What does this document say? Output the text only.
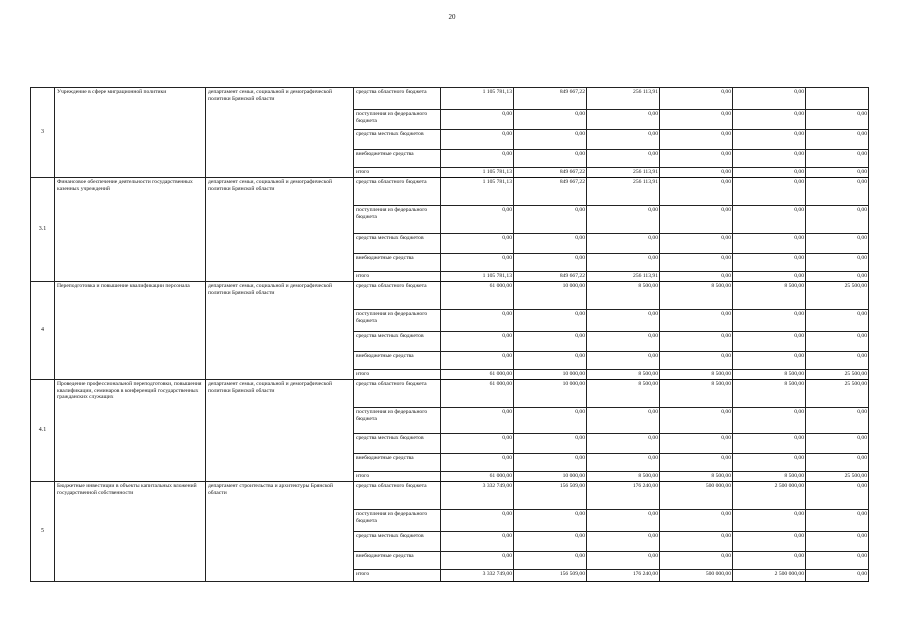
20
3	Учреждение в сфере миграционной политики	департамент семьи, социальной и демографической политики Брянской области	средства областного бюджета	1 105 781,13	849 667,22	256 113,91	0,00	0,00	
			поступления из федерального бюджета	0,00	0,00	0,00	0,00	0,00	0,00
			средства местных бюджетов	0,00	0,00	0,00	0,00	0,00	0,00
			внебюджетные средства	0,00	0,00	0,00	0,00	0,00	0,00
			итого	1 105 781,13	849 667,22	256 113,91	0,00	0,00	0,00
3.1	Финансовое обеспечение деятельности государственных казенных учреждений	департамент семьи, социальной и демографической политики Брянской области	средства областного бюджета	1 105 781,13	849 667,22	256 113,91	0,00	0,00	0,00
			поступления из федерального бюджета	0,00	0,00	0,00	0,00	0,00	0,00
			средства местных бюджетов	0,00	0,00	0,00	0,00	0,00	0,00
			внебюджетные средства	0,00	0,00	0,00	0,00	0,00	0,00
			итого	1 105 781,13	849 667,22	256 113,91	0,00	0,00	0,00
4	Переподготовка и повышение квалификации персонала	департамент семьи, социальной и демографической политики Брянской области	средства областного бюджета	61 000,00	10 000,00	8 500,00	8 500,00	8 500,00	25 500,00
			поступления из федерального бюджета	0,00	0,00	0,00	0,00	0,00	0,00
			средства местных бюджетов	0,00	0,00	0,00	0,00	0,00	0,00
			внебюджетные средства	0,00	0,00	0,00	0,00	0,00	0,00
			итого	61 000,00	10 000,00	8 500,00	8 500,00	8 500,00	25 500,00
4.1	Проведение профессиональной переподготовки, повышения квалификации, семинаров в конференций государственных гражданских служащих	департамент семьи, социальной и демографической политики Брянской области	средства областного бюджета	61 000,00	10 000,00	8 500,00	8 500,00	8 500,00	25 500,00
			поступления из федерального бюджета	0,00	0,00	0,00	0,00	0,00	0,00
			средства местных бюджетов	0,00	0,00	0,00	0,00	0,00	0,00
			внебюджетные средства	0,00	0,00	0,00	0,00	0,00	0,00
			итого	61 000,00	10 000,00	8 500,00	8 500,00	8 500,00	25 500,00
5	Бюджетные инвестиции в объекты капитальных вложений государственной собственности	департамент строительства и архитектуры Брянской области	средства областного бюджета	3 332 749,00	156 509,00	176 240,00	500 000,00	2 500 000,00	0,00
			поступления из федерального бюджета	0,00	0,00	0,00	0,00	0,00	0,00
			средства местных бюджетов	0,00	0,00	0,00	0,00	0,00	0,00
			внебюджетные средства	0,00	0,00	0,00	0,00	0,00	0,00
			итого	3 332 749,00	156 509,00	176 240,00	500 000,00	2 500 000,00	0,00
